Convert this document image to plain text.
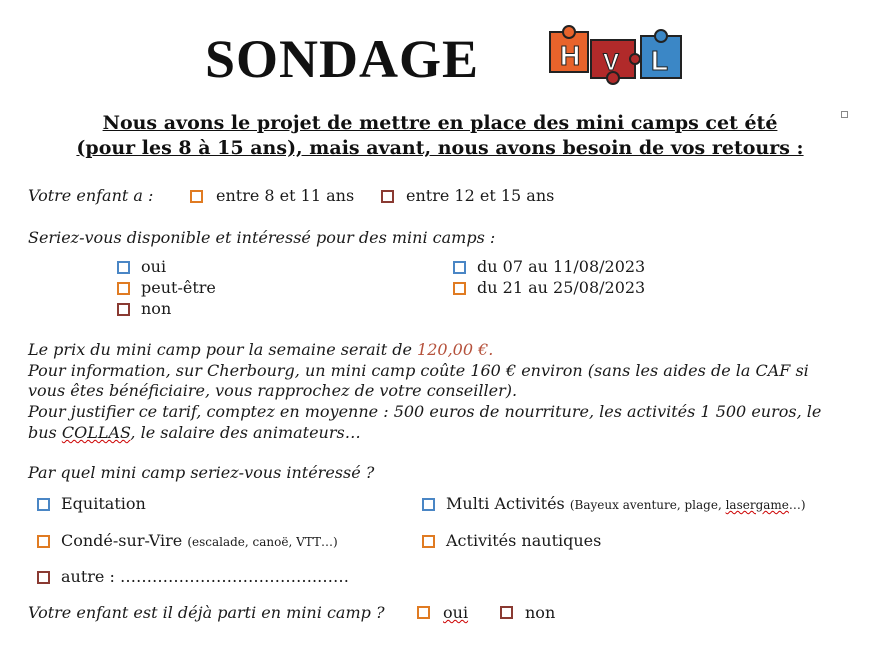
SONDAGE	H V L
Nous avons le projet de mettre en place des mini camps cet été
(pour les 8 à 15 ans), mais avant, nous avons besoin de vos retours :
Votre enfant a :	entre 8 et 11 ans	entre 12 et 15 ans
Seriez-vous disponible et intéressé pour des mini camps :
oui
peut-être
non
du 07 au 11/08/2023
du 21 au 25/08/2023
Le prix du mini camp pour la semaine serait de 120,00 €.
Pour information, sur Cherbourg, un mini camp coûte 160 € environ (sans les aides de la CAF si
vous êtes bénéficiaire, vous rapprochez de votre conseiller).
Pour justifier ce tarif, comptez en moyenne : 500 euros de nourriture, les activités 1 500 euros, le
bus COLLAS, le salaire des animateurs…
Par quel mini camp seriez-vous intéressé ?
Equitation	Multi Activités (Bayeux aventure, plage, lasergame…)
Condé-sur-Vire (escalade, canoë, VTT…)	Activités nautiques
autre : ……………………………….……
Votre enfant est il déjà parti en mini camp ?	oui	non
